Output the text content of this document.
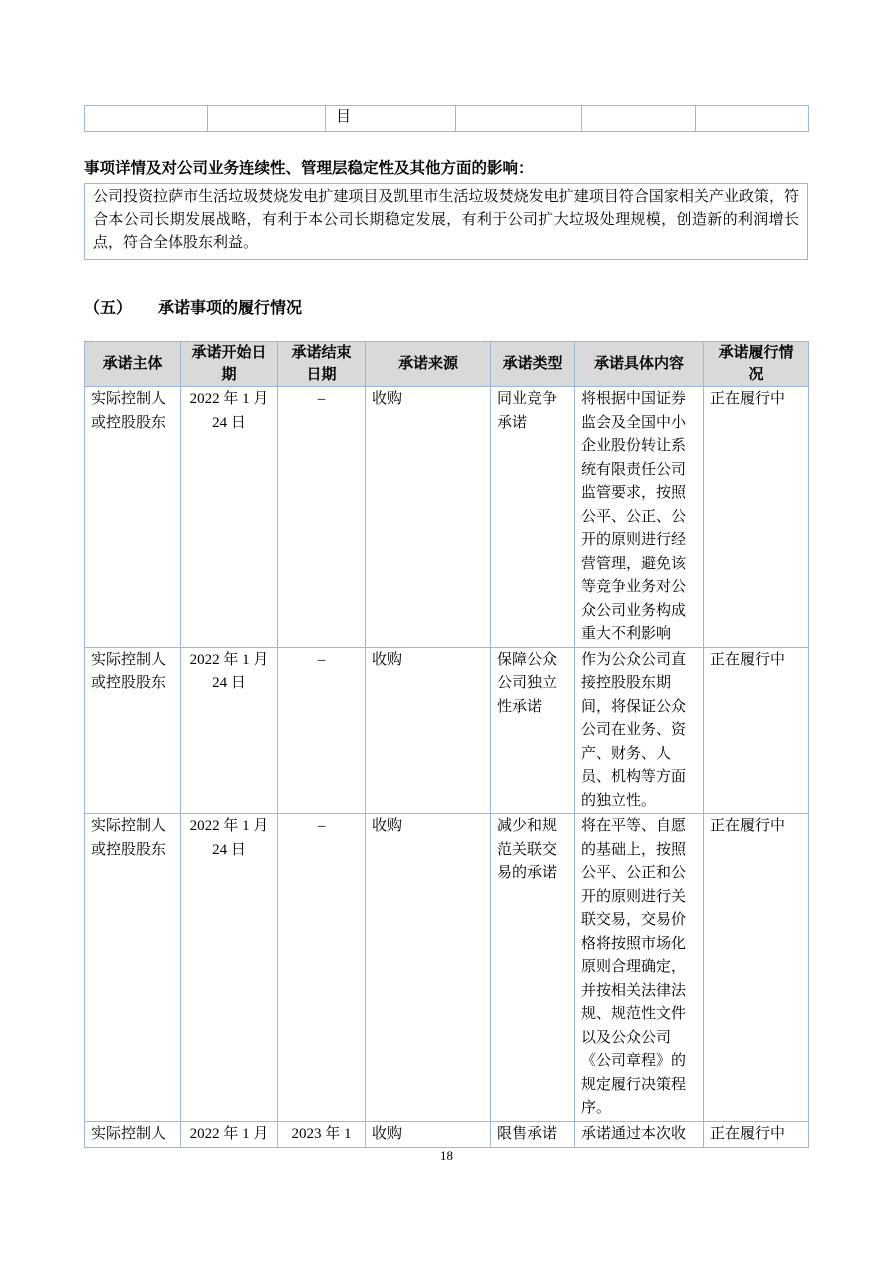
		目			
事项详情及对公司业务连续性、管理层稳定性及其他方面的影响：

公司投资拉萨市生活垃圾焚烧发电扩建项目及凯里市生活垃圾焚烧发电扩建项目符合国家相关产业政策，符合本公司长期发展战略，有利于本公司长期稳定发展，有利于公司扩大垃圾处理规模，创造新的利润增长点，符合全体股东利益。

（五） 承诺事项的履行情况
承诺主体	承诺开始日期	承诺结束日期	承诺来源	承诺类型	承诺具体内容	承诺履行情况
实际控制人或控股股东	2022 年 1 月 24 日	–	收购	同业竞争承诺	将根据中国证券监会及全国中小企业股份转让系统有限责任公司监管要求，按照公平、公正、公开的原则进行经营管理，避免该等竞争业务对公众公司业务构成重大不利影响	正在履行中
实际控制人或控股股东	2022 年 1 月 24 日	–	收购	保障公众公司独立性承诺	作为公众公司直接控股股东期间，将保证公众公司在业务、资产、财务、人员、机构等方面的独立性。	正在履行中
实际控制人或控股股东	2022 年 1 月 24 日	–	收购	减少和规范关联交易的承诺	将在平等、自愿的基础上，按照公平、公正和公开的原则进行关联交易，交易价格将按照市场化原则合理确定，并按相关法律法规、规范性文件以及公众公司《公司章程》的规定履行决策程序。	正在履行中
实际控制人	2022 年 1 月	2023 年 1	收购	限售承诺	承诺通过本次收	正在履行中
18
